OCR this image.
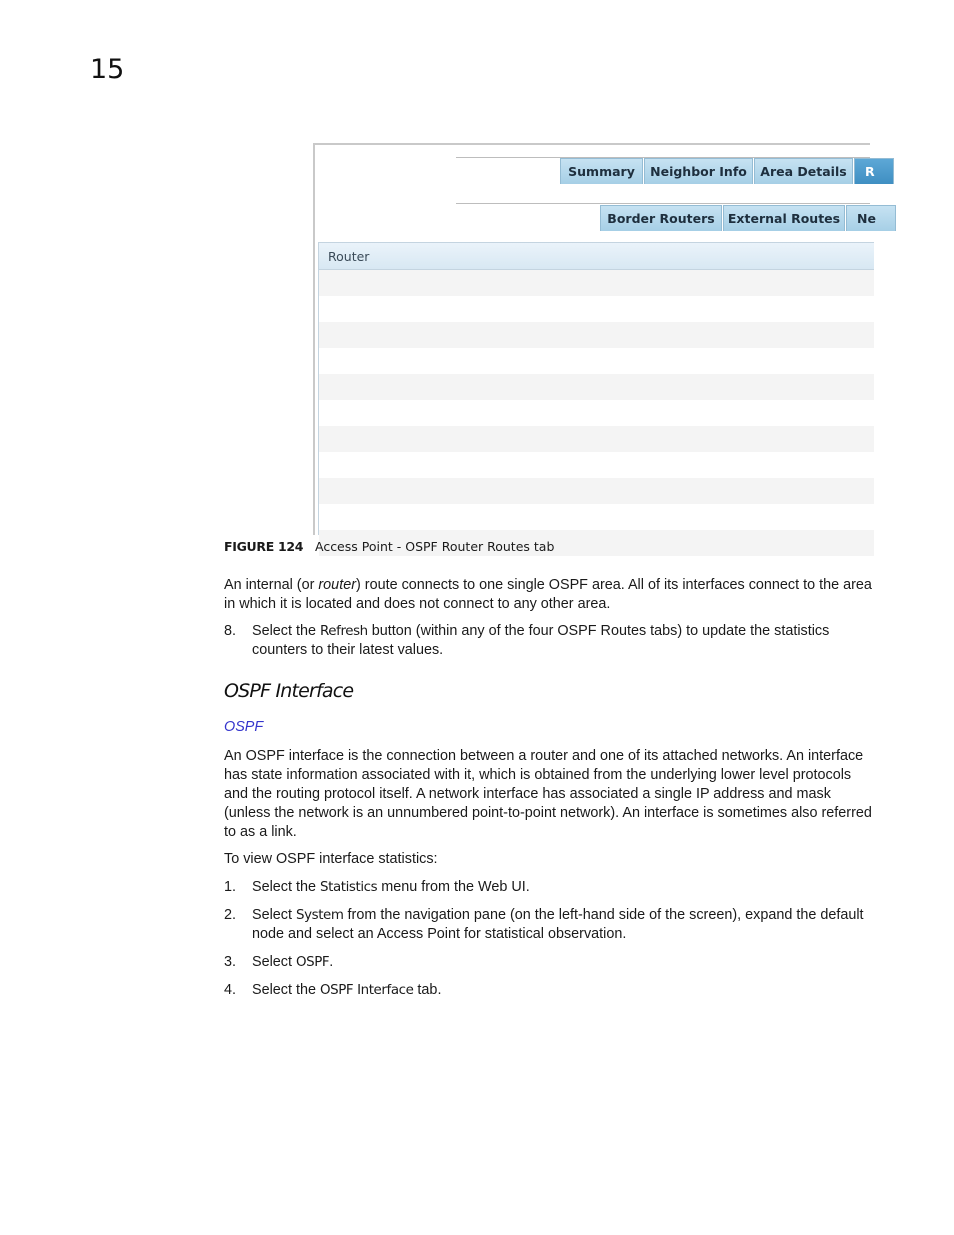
15
Summary	Neighbor Info	Area Details	R
Border Routers	External Routes	Ne
Router
FIGURE 124 Access Point - OSPF Router Routes tab
An internal (or router) route connects to one single OSPF area. All of its interfaces connect to the area in which it is located and does not connect to any other area.
8. Select the Refresh button (within any of the four OSPF Routes tabs) to update the statistics counters to their latest values.
OSPF Interface
OSPF
An OSPF interface is the connection between a router and one of its attached networks. An interface has state information associated with it, which is obtained from the underlying lower level protocols and the routing protocol itself. A network interface has associated a single IP address and mask (unless the network is an unnumbered point-to-point network). An interface is sometimes also referred to as a link.
To view OSPF interface statistics:
1. Select the Statistics menu from the Web UI.
2. Select System from the navigation pane (on the left-hand side of the screen), expand the default node and select an Access Point for statistical observation.
3. Select OSPF.
4. Select the OSPF Interface tab.
